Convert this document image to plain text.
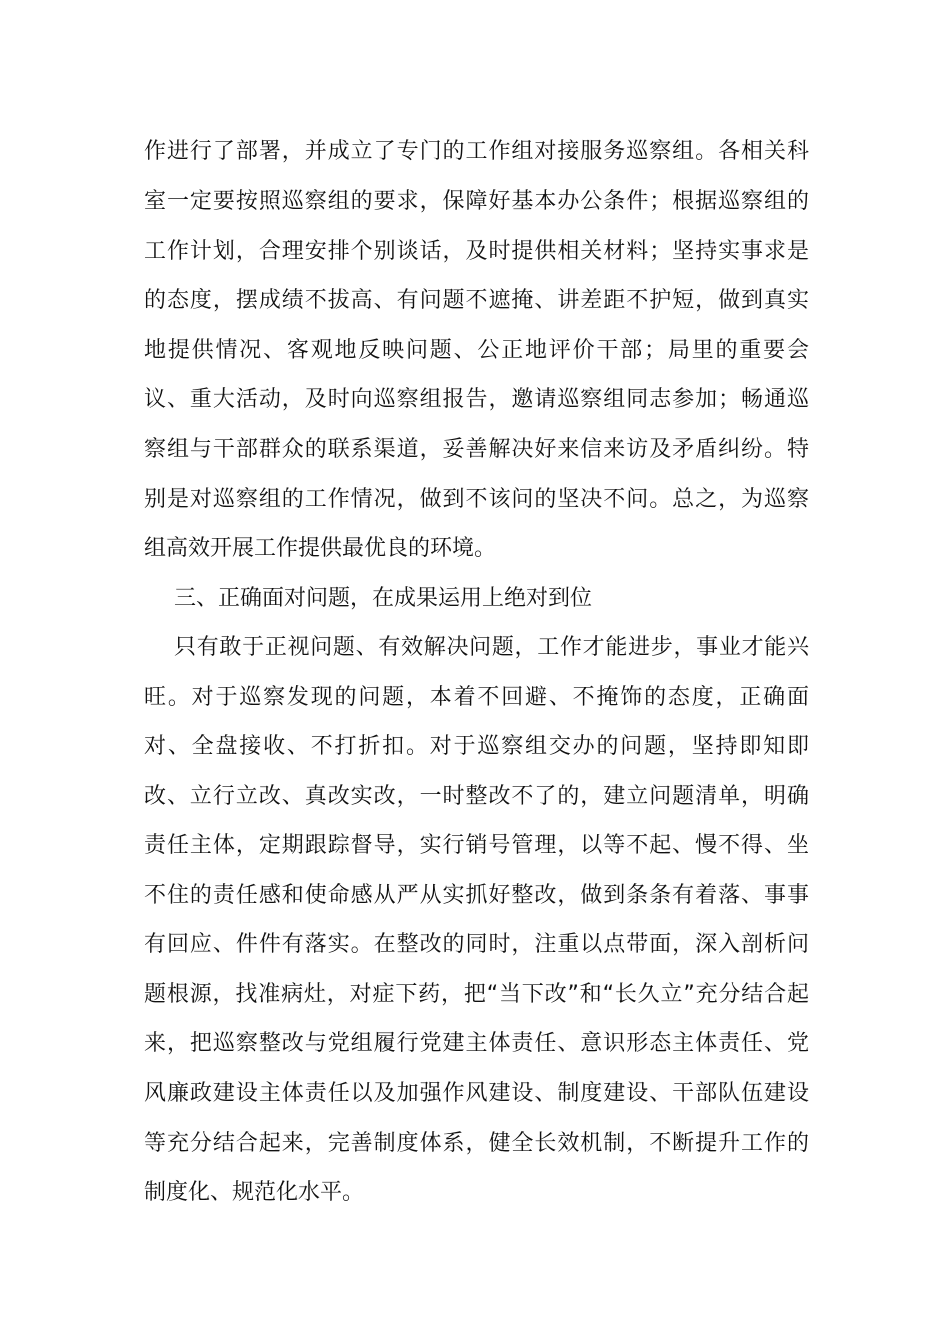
作进行了部署，并成立了专门的工作组对接服务巡察组。各相关科
室一定要按照巡察组的要求，保障好基本办公条件；根据巡察组的
工作计划，合理安排个别谈话，及时提供相关材料；坚持实事求是
的态度，摆成绩不拔高、有问题不遮掩、讲差距不护短，做到真实
地提供情况、客观地反映问题、公正地评价干部；局里的重要会
议、重大活动，及时向巡察组报告，邀请巡察组同志参加；畅通巡
察组与干部群众的联系渠道，妥善解决好来信来访及矛盾纠纷。特
别是对巡察组的工作情况，做到不该问的坚决不问。总之，为巡察
组高效开展工作提供最优良的环境。
三、正确面对问题，在成果运用上绝对到位
只有敢于正视问题、有效解决问题，工作才能进步，事业才能兴
旺。对于巡察发现的问题，本着不回避、不掩饰的态度，正确面
对、全盘接收、不打折扣。对于巡察组交办的问题，坚持即知即
改、立行立改、真改实改，一时整改不了的，建立问题清单，明确
责任主体，定期跟踪督导，实行销号管理，以等不起、慢不得、坐
不住的责任感和使命感从严从实抓好整改，做到条条有着落、事事
有回应、件件有落实。在整改的同时，注重以点带面，深入剖析问
题根源，找准病灶，对症下药，把“当下改”和“长久立”充分结合起
来，把巡察整改与党组履行党建主体责任、意识形态主体责任、党
风廉政建设主体责任以及加强作风建设、制度建设、干部队伍建设
等充分结合起来，完善制度体系，健全长效机制，不断提升工作的
制度化、规范化水平。
